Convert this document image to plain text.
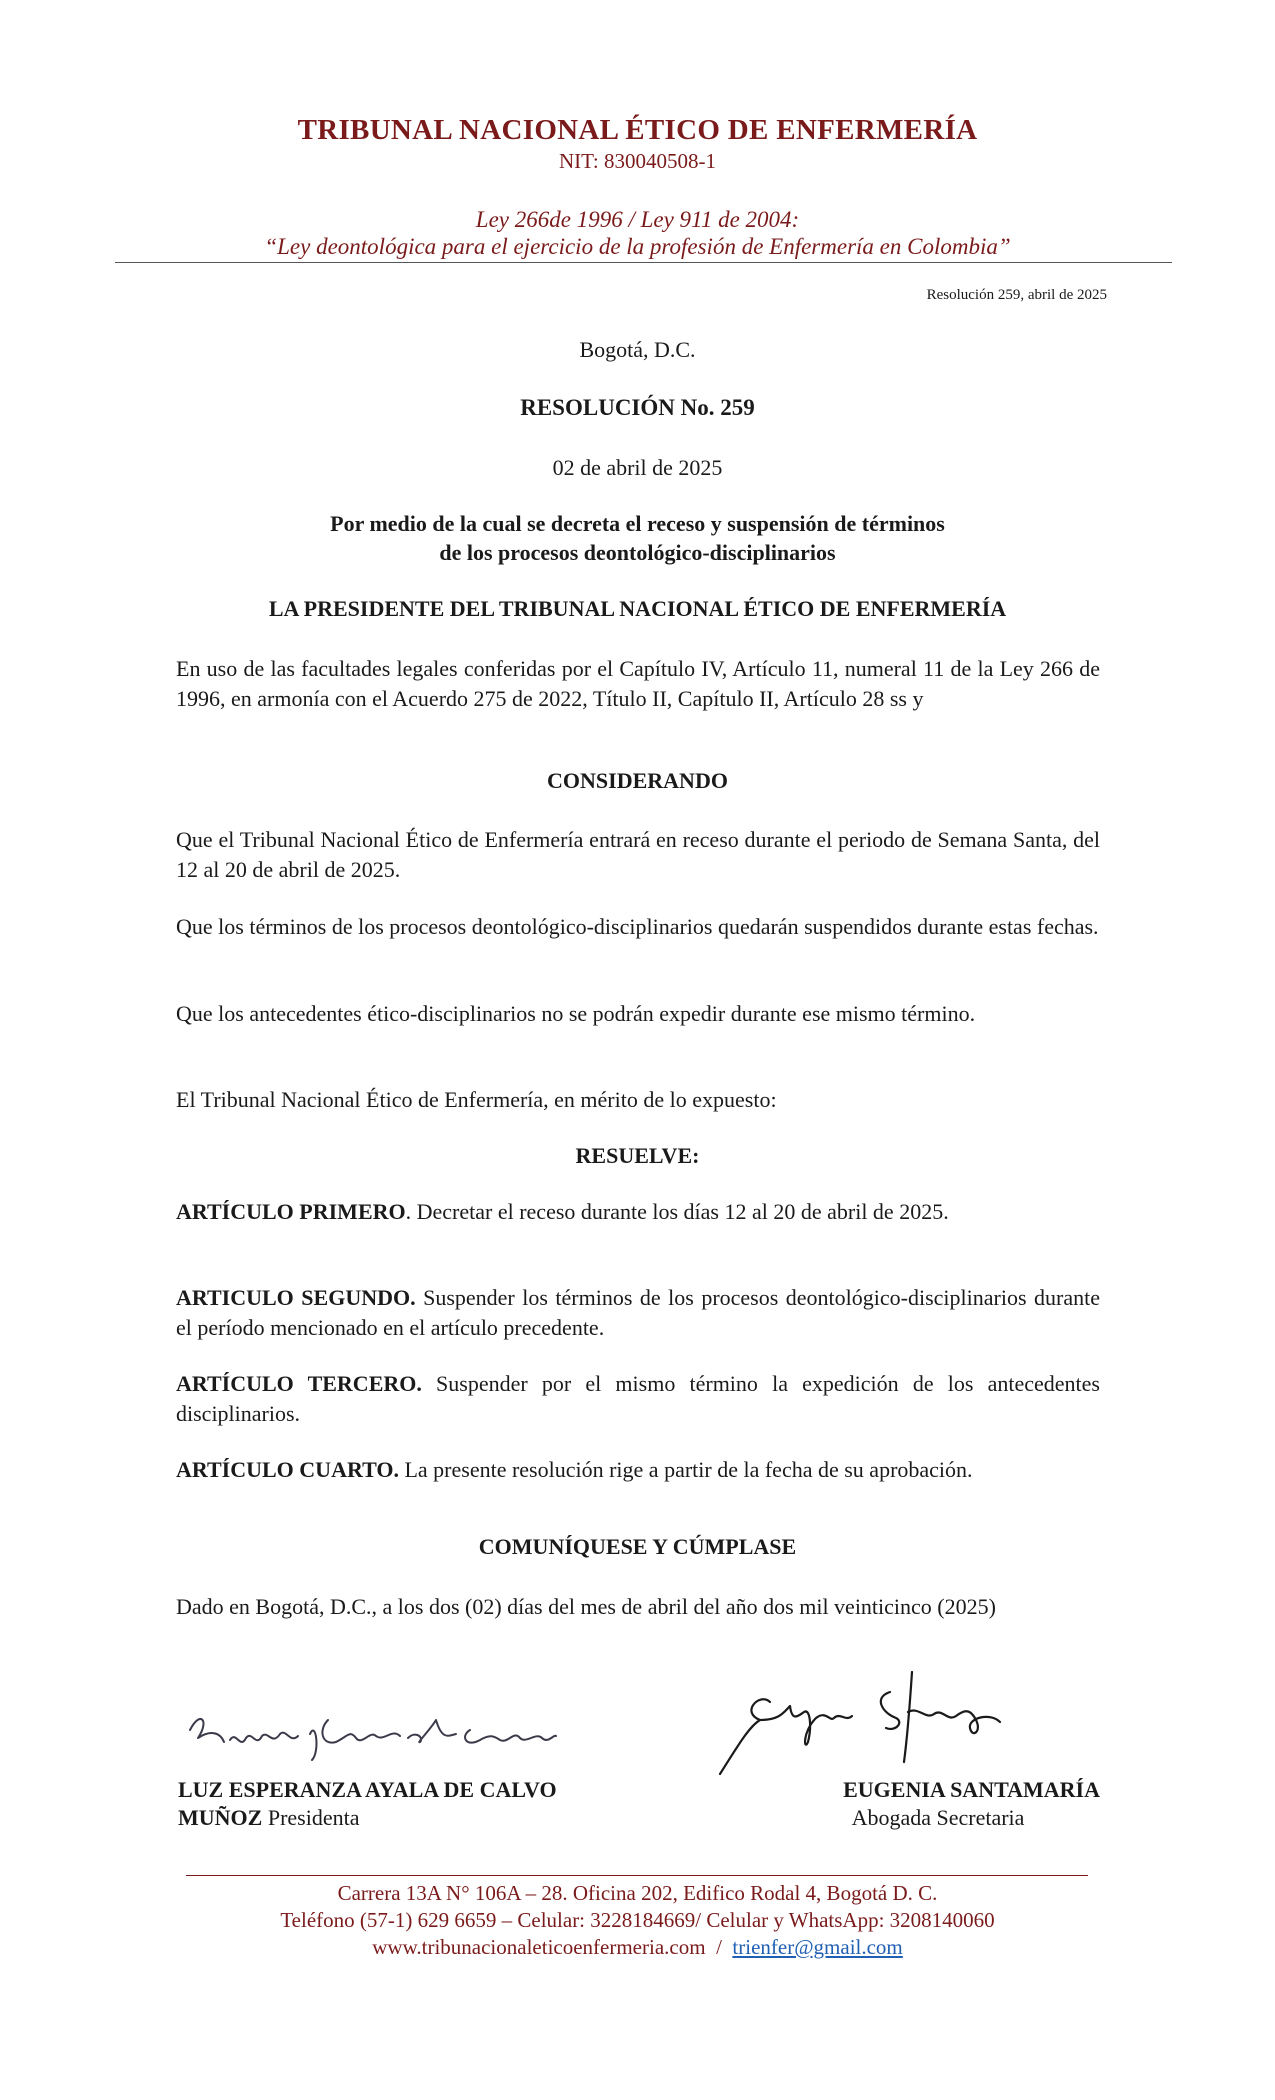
TRIBUNAL NACIONAL ÉTICO DE ENFERMERÍA
NIT: 830040508-1
Ley 266de 1996 / Ley 911 de 2004:
“Ley deontológica para el ejercicio de la profesión de Enfermería en Colombia”
Resolución 259, abril de 2025
Bogotá, D.C.
RESOLUCIÓN No. 259
02 de abril de 2025
Por medio de la cual se decreta el receso y suspensión de términos
de los procesos deontológico-disciplinarios
LA PRESIDENTE DEL TRIBUNAL NACIONAL ÉTICO DE ENFERMERÍA
En uso de las facultades legales conferidas por el Capítulo IV, Artículo 11, numeral 11 de la Ley 266 de 1996, en armonía con el Acuerdo 275 de 2022, Título II, Capítulo II, Artículo 28 ss y
CONSIDERANDO
Que el Tribunal Nacional Ético de Enfermería entrará en receso durante el periodo de Semana Santa, del 12 al 20 de abril de 2025.
Que los términos de los procesos deontológico-disciplinarios quedarán suspendidos durante estas fechas.
Que los antecedentes ético-disciplinarios no se podrán expedir durante ese mismo término.
El Tribunal Nacional Ético de Enfermería, en mérito de lo expuesto:
RESUELVE:
ARTÍCULO PRIMERO. Decretar el receso durante los días 12 al 20 de abril de 2025.
ARTICULO SEGUNDO. Suspender los términos de los procesos deontológico-disciplinarios durante el período mencionado en el artículo precedente.
ARTÍCULO TERCERO. Suspender por el mismo término la expedición de los antecedentes disciplinarios.
ARTÍCULO CUARTO. La presente resolución rige a partir de la fecha de su aprobación.
COMUNÍQUESE Y CÚMPLASE
Dado en Bogotá, D.C., a los dos (02) días del mes de abril del año dos mil veinticinco (2025)
LUZ ESPERANZA AYALA DE CALVO
MUÑOZ Presidenta
EUGENIA SANTAMARÍA
Abogada Secretaria
Carrera 13A N° 106A – 28. Oficina 202, Edifico Rodal 4, Bogotá D. C.
Teléfono (57-1) 629 6659 – Celular: 3228184669/ Celular y WhatsApp: 3208140060
www.tribunacionaleticoenfermeria.com  /  trienfer@gmail.com
